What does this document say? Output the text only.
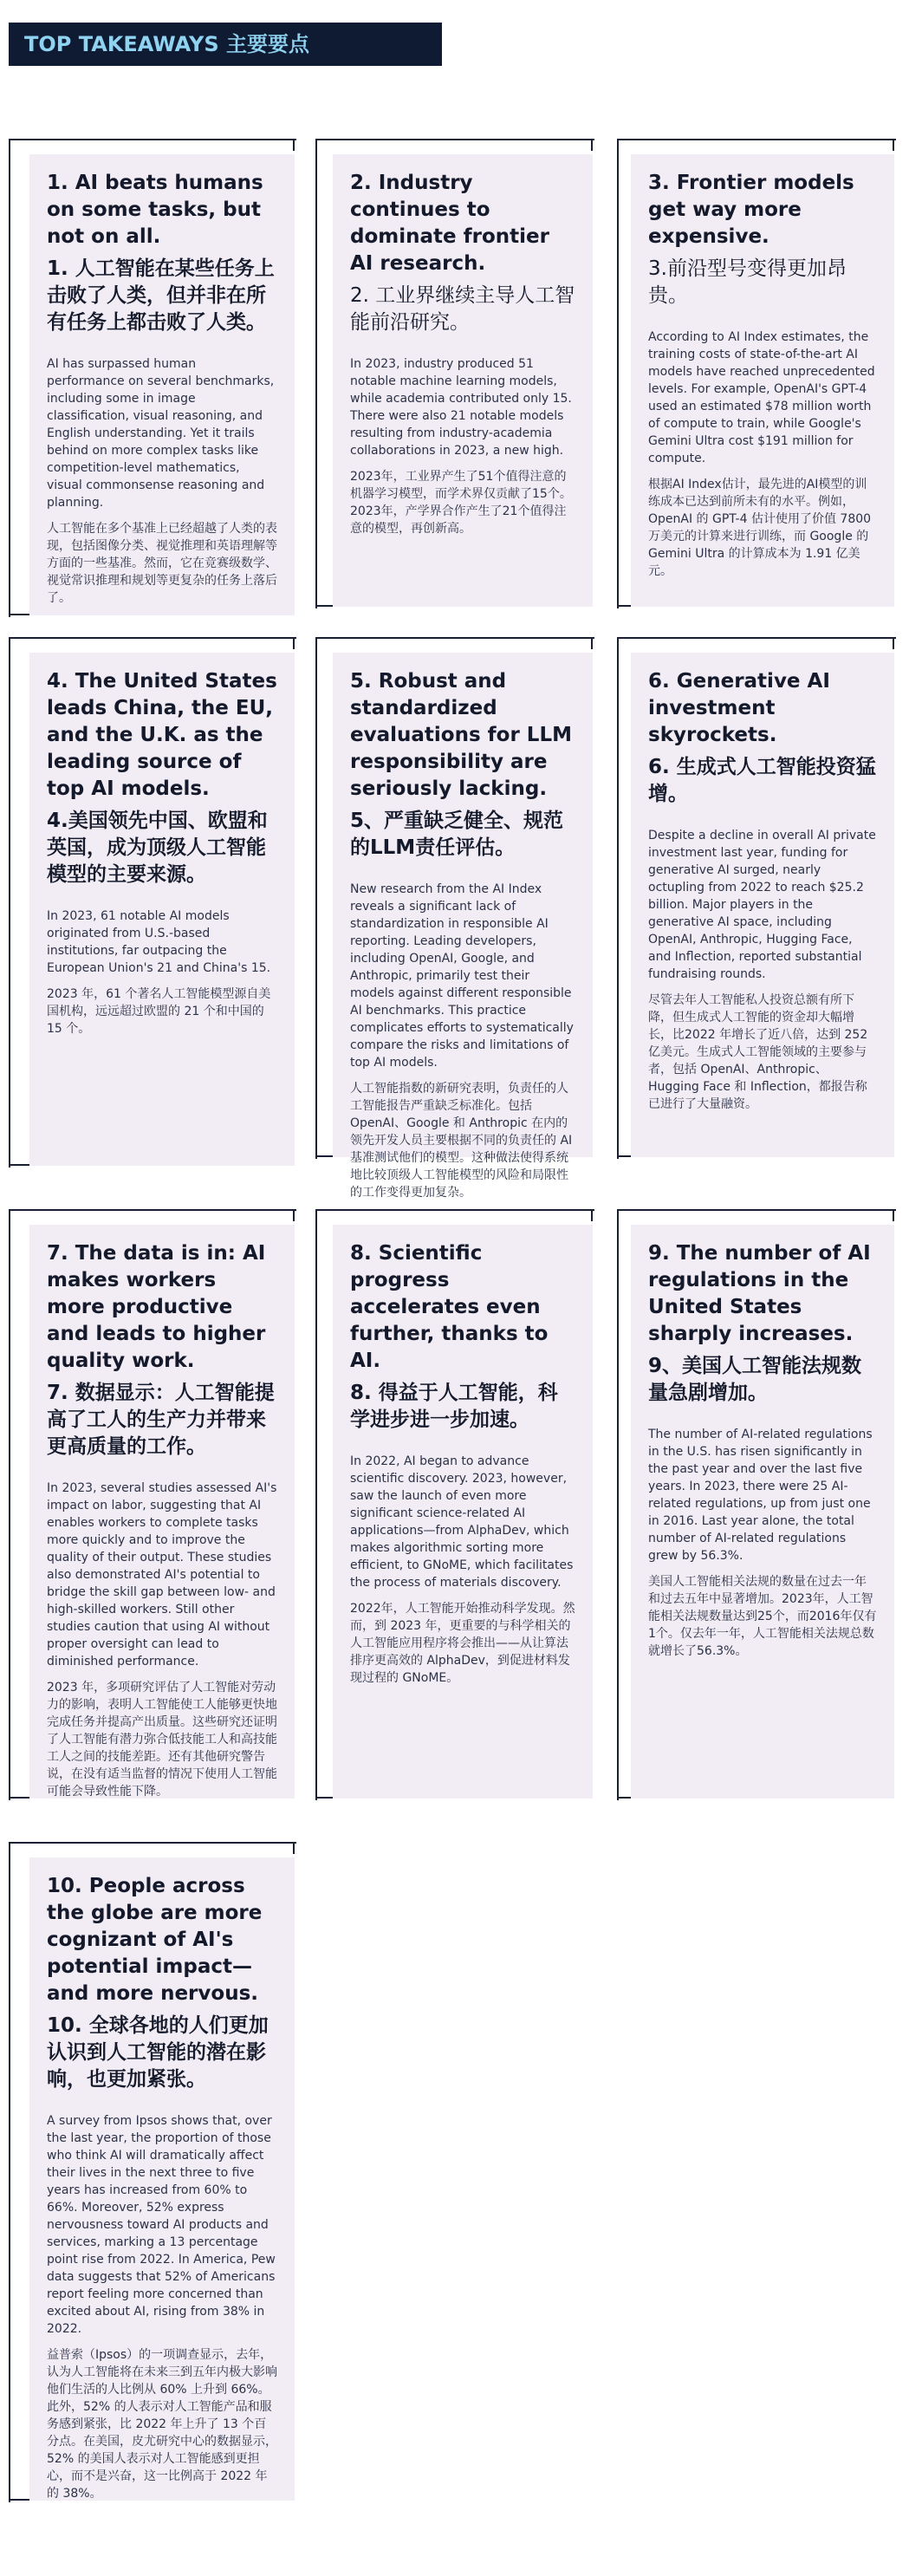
TOP TAKEAWAYS 主要要点
1. AI beats humans on some tasks, but not on all.
1. 人工智能在某些任务上击败了人类，但并非在所有任务上都击败了人类。
AI has surpassed human performance on several benchmarks, including some in image classification, visual reasoning, and English understanding. Yet it trails behind on more complex tasks like competition-level mathematics, visual commonsense reasoning and planning.
人工智能在多个基准上已经超越了人类的表现，包括图像分类、视觉推理和英语理解等方面的一些基准。然而，它在竞赛级数学、视觉常识推理和规划等更复杂的任务上落后了。
2. Industry continues to dominate frontier AI research.
2. 工业界继续主导人工智能前沿研究。
In 2023, industry produced 51 notable machine learning models, while academia contributed only 15. There were also 21 notable models resulting from industry-academia collaborations in 2023, a new high.
2023年，工业界产生了51个值得注意的机器学习模型，而学术界仅贡献了15个。2023年，产学界合作产生了21个值得注意的模型，再创新高。
3. Frontier models get way more expensive.
3.前沿型号变得更加昂贵。
According to AI Index estimates, the training costs of state-of-the-art AI models have reached unprecedented levels. For example, OpenAI's GPT-4 used an estimated $78 million worth of compute to train, while Google's Gemini Ultra cost $191 million for compute.
根据AI Index估计，最先进的AI模型的训练成本已达到前所未有的水平。例如，OpenAI 的 GPT-4 估计使用了价值 7800 万美元的计算来进行训练，而 Google 的 Gemini Ultra 的计算成本为 1.91 亿美元。
4. The United States leads China, the EU, and the U.K. as the leading source of top AI models.
4.美国领先中国、欧盟和英国，成为顶级人工智能模型的主要来源。
In 2023, 61 notable AI models originated from U.S.-based institutions, far outpacing the European Union's 21 and China's 15.
2023 年，61 个著名人工智能模型源自美国机构，远远超过欧盟的 21 个和中国的 15 个。
5. Robust and standardized evaluations for LLM responsibility are seriously lacking.
5、严重缺乏健全、规范的LLM责任评估。
New research from the AI Index reveals a significant lack of standardization in responsible AI reporting. Leading developers, including OpenAI, Google, and Anthropic, primarily test their models against different responsible AI benchmarks. This practice complicates efforts to systematically compare the risks and limitations of top AI models.
人工智能指数的新研究表明，负责任的人工智能报告严重缺乏标准化。包括 OpenAI、Google 和 Anthropic 在内的领先开发人员主要根据不同的负责任的 AI 基准测试他们的模型。这种做法使得系统地比较顶级人工智能模型的风险和局限性的工作变得更加复杂。
6. Generative AI investment skyrockets.
6. 生成式人工智能投资猛增。
Despite a decline in overall AI private investment last year, funding for generative AI surged, nearly octupling from 2022 to reach $25.2 billion. Major players in the generative AI space, including OpenAI, Anthropic, Hugging Face, and Inflection, reported substantial fundraising rounds.
尽管去年人工智能私人投资总额有所下降，但生成式人工智能的资金却大幅增长，比2022 年增长了近八倍，达到 252 亿美元。生成式人工智能领域的主要参与者，包括 OpenAI、Anthropic、Hugging Face 和 Inflection，都报告称已进行了大量融资。
7. The data is in: AI makes workers more productive and leads to higher quality work.
7. 数据显示：人工智能提高了工人的生产力并带来更高质量的工作。
In 2023, several studies assessed AI's impact on labor, suggesting that AI enables workers to complete tasks more quickly and to improve the quality of their output. These studies also demonstrated AI's potential to bridge the skill gap between low- and high-skilled workers. Still other studies caution that using AI without proper oversight can lead to diminished performance.
2023 年，多项研究评估了人工智能对劳动力的影响，表明人工智能使工人能够更快地完成任务并提高产出质量。这些研究还证明了人工智能有潜力弥合低技能工人和高技能工人之间的技能差距。还有其他研究警告说，在没有适当监督的情况下使用人工智能可能会导致性能下降。
8. Scientific progress accelerates even further, thanks to AI.
8. 得益于人工智能，科学进步进一步加速。
In 2022, AI began to advance scientific discovery. 2023, however, saw the launch of even more significant science-related AI applications—from AlphaDev, which makes algorithmic sorting more efficient, to GNoME, which facilitates the process of materials discovery.
2022年，人工智能开始推动科学发现。然而，到 2023 年，更重要的与科学相关的人工智能应用程序将会推出——从让算法排序更高效的 AlphaDev，到促进材料发现过程的 GNoME。
9. The number of AI regulations in the United States sharply increases.
9、美国人工智能法规数量急剧增加。
The number of AI-related regulations in the U.S. has risen significantly in the past year and over the last five years. In 2023, there were 25 AI-related regulations, up from just one in 2016. Last year alone, the total number of AI-related regulations grew by 56.3%.
美国人工智能相关法规的数量在过去一年和过去五年中显著增加。2023年，人工智能相关法规数量达到25个，而2016年仅有1个。仅去年一年，人工智能相关法规总数就增长了56.3%。
10. People across the globe are more cognizant of AI's potential impact—and more nervous.
10. 全球各地的人们更加认识到人工智能的潜在影响，也更加紧张。
A survey from Ipsos shows that, over the last year, the proportion of those who think AI will dramatically affect their lives in the next three to five years has increased from 60% to 66%. Moreover, 52% express nervousness toward AI products and services, marking a 13 percentage point rise from 2022. In America, Pew data suggests that 52% of Americans report feeling more concerned than excited about AI, rising from 38% in 2022.
益普索（Ipsos）的一项调查显示，去年，认为人工智能将在未来三到五年内极大影响他们生活的人比例从 60% 上升到 66%。此外，52% 的人表示对人工智能产品和服务感到紧张，比 2022 年上升了 13 个百分点。在美国，皮尤研究中心的数据显示，52% 的美国人表示对人工智能感到更担心，而不是兴奋，这一比例高于 2022 年的 38%。
